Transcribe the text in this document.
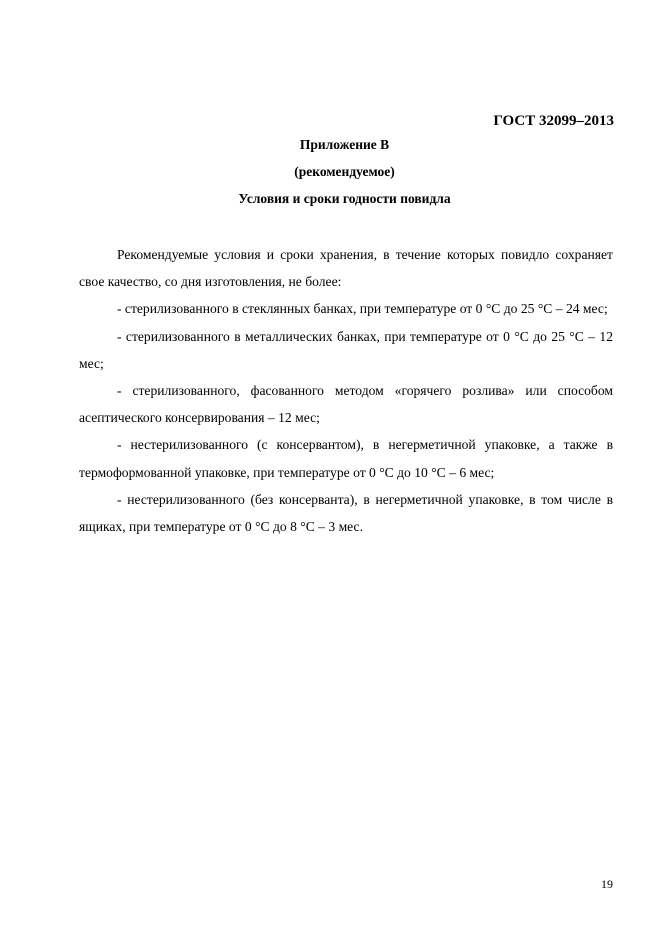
ГОСТ 32099–2013
Приложение В
(рекомендуемое)
Условия и сроки годности повидла

Рекомендуемые условия и сроки хранения, в течение которых повидло сохраняет свое качество, со дня изготовления, не более:

- стерилизованного в стеклянных банках, при температуре от 0 °С до 25 °С – 24 мес;

- стерилизованного в металлических банках, при температуре от 0 °С до 25 °С – 12 мес;

- стерилизованного, фасованного методом «горячего розлива» или способом асептического консервирования – 12 мес;

- нестерилизованного (с консервантом), в негерметичной упаковке, а также в термоформованной упаковке, при температуре от 0 °С до 10 °С – 6 мес;

- нестерилизованного (без консерванта), в негерметичной упаковке, в том числе в ящиках, при температуре от 0 °С до 8 °С – 3 мес.

19
